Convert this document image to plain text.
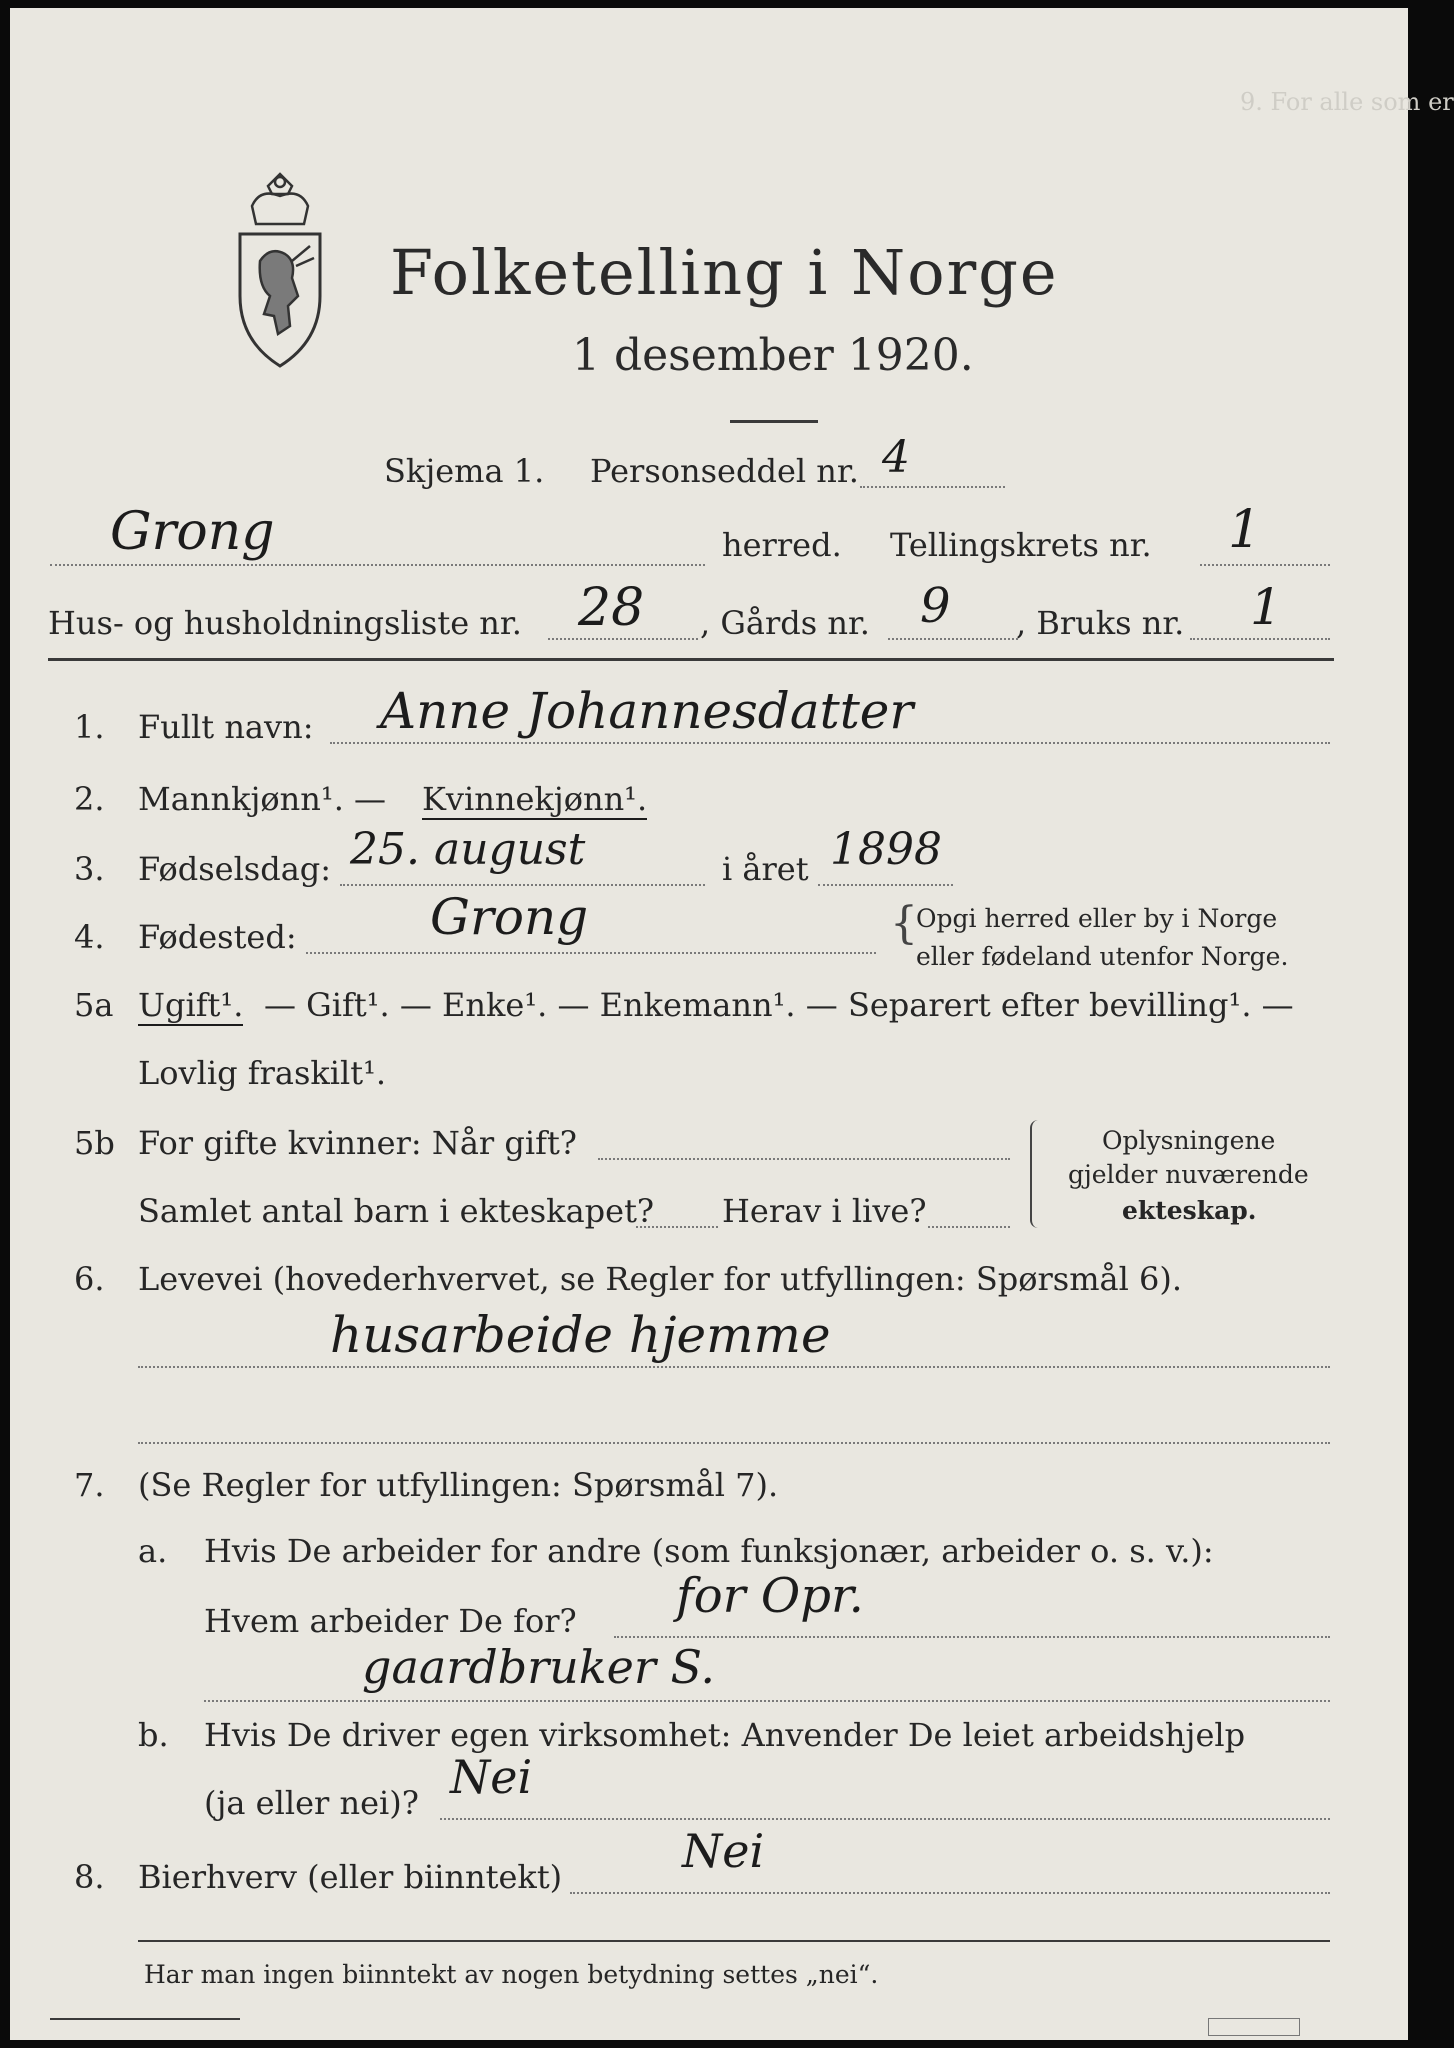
9. For alle som er
Folketelling i Norge
1 desember 1920.
Skjema 1. Personseddel nr. 4
Grong	herred. Tellingskrets nr. 1
Hus- og husholdningsliste nr. 28 , Gårds nr. 9 , Bruks nr. 1
1. Fullt navn: Anne Johannesdatter
2. Mannkjønn¹. — Kvinnekjønn¹.
3. Fødselsdag: 25. august	i året 1898
4. Fødested:	Grong	{
Opgi herred eller by i Norge
eller fødeland utenfor Norge.
5a Ugift¹. — Gift¹. — Enke¹. — Enkemann¹. — Separert efter bevilling¹. —
Lovlig fraskilt¹.
5b For gifte kvinner: Når gift?
Samlet antal barn i ekteskapet? Herav i live?
Oplysningene
gjelder nuværende
ekteskap.
6. Levevei (hovederhvervet, se Regler for utfyllingen: Spørsmål 6).
husarbeide hjemme
7. (Se Regler for utfyllingen: Spørsmål 7).
a. Hvis De arbeider for andre (som funksjonær, arbeider o. s. v.):
Hvem arbeider De for? for Opr.
gaardbruker S.
b. Hvis De driver egen virksomhet: Anvender De leiet arbeidshjelp
(ja eller nei)? Nei
8. Bierhverv (eller biinntekt)	Nei
Har man ingen biinntekt av nogen betydning settes „nei“.
